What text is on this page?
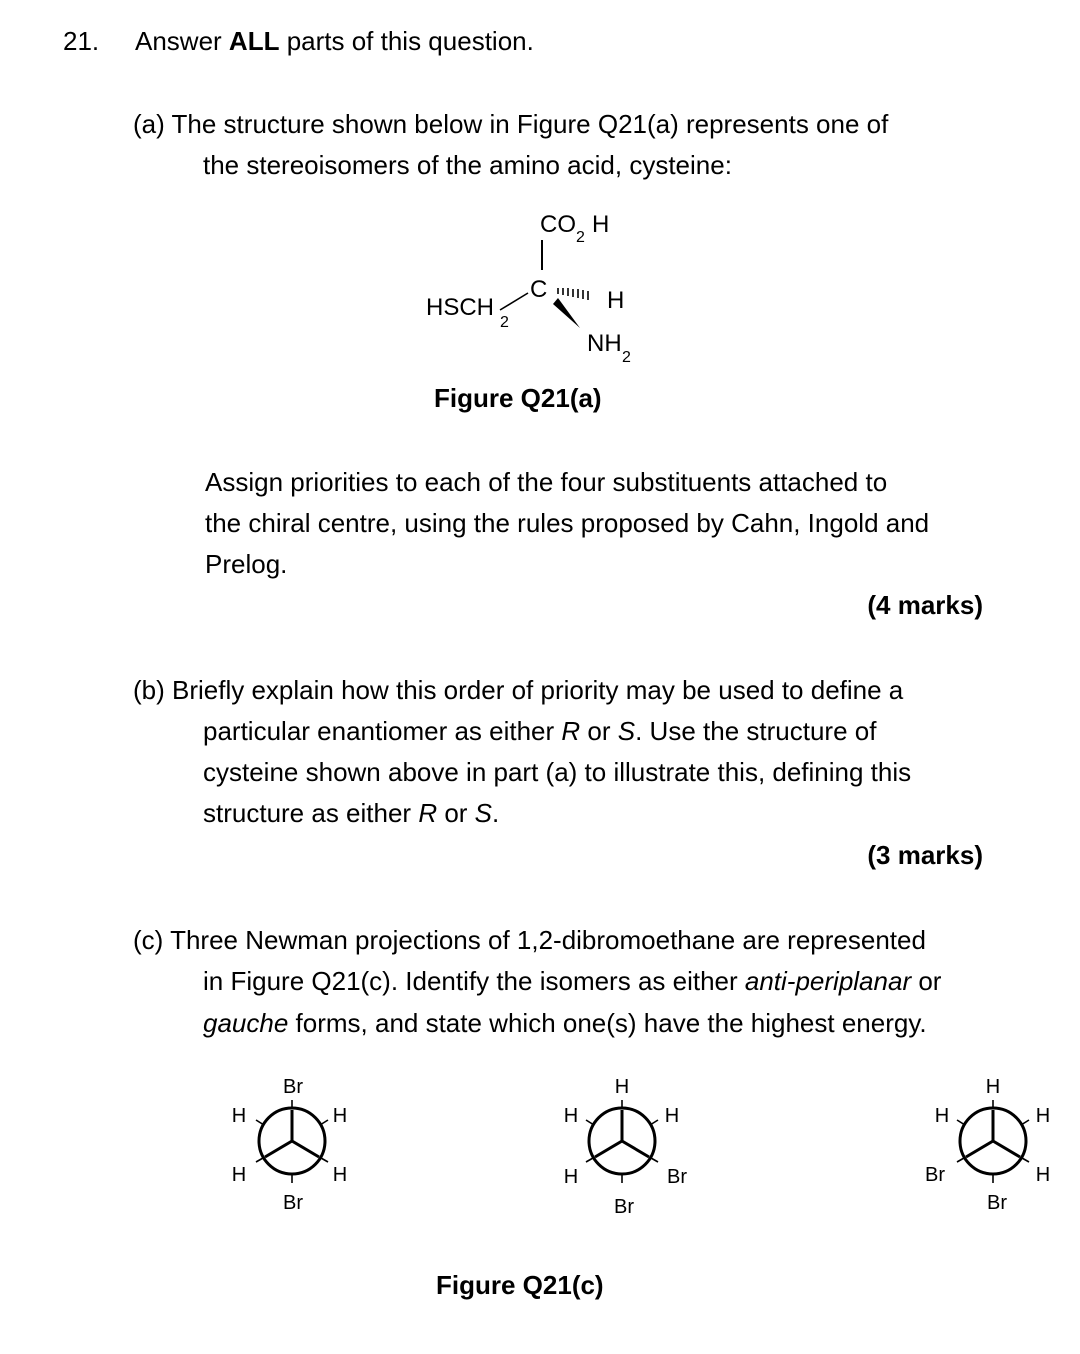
21. Answer ALL parts of this question.
(a) The structure shown below in Figure Q21(a) represents one of
the stereoisomers of the amino acid, cysteine:
CO 2 H
C H
HSCH
2
NH
2
Figure Q21(a)
Assign priorities to each of the four substituents attached to
the chiral centre, using the rules proposed by Cahn, Ingold and
Prelog.
(4 marks)
(b) Briefly explain how this order of priority may be used to define a
particular enantiomer as either R or S. Use the structure of
cysteine shown above in part (a) to illustrate this, defining this
structure as either R or S.
(3 marks)
(c) Three Newman projections of 1,2-dibromoethane are represented
in Figure Q21(c). Identify the isomers as either anti-periplanar or
gauche forms, and state which one(s) have the highest energy.
Br
H	H
H	H
Br
H
H	H
H	Br
Br
H
H	H
Br	H
Br
Figure Q21(c)
